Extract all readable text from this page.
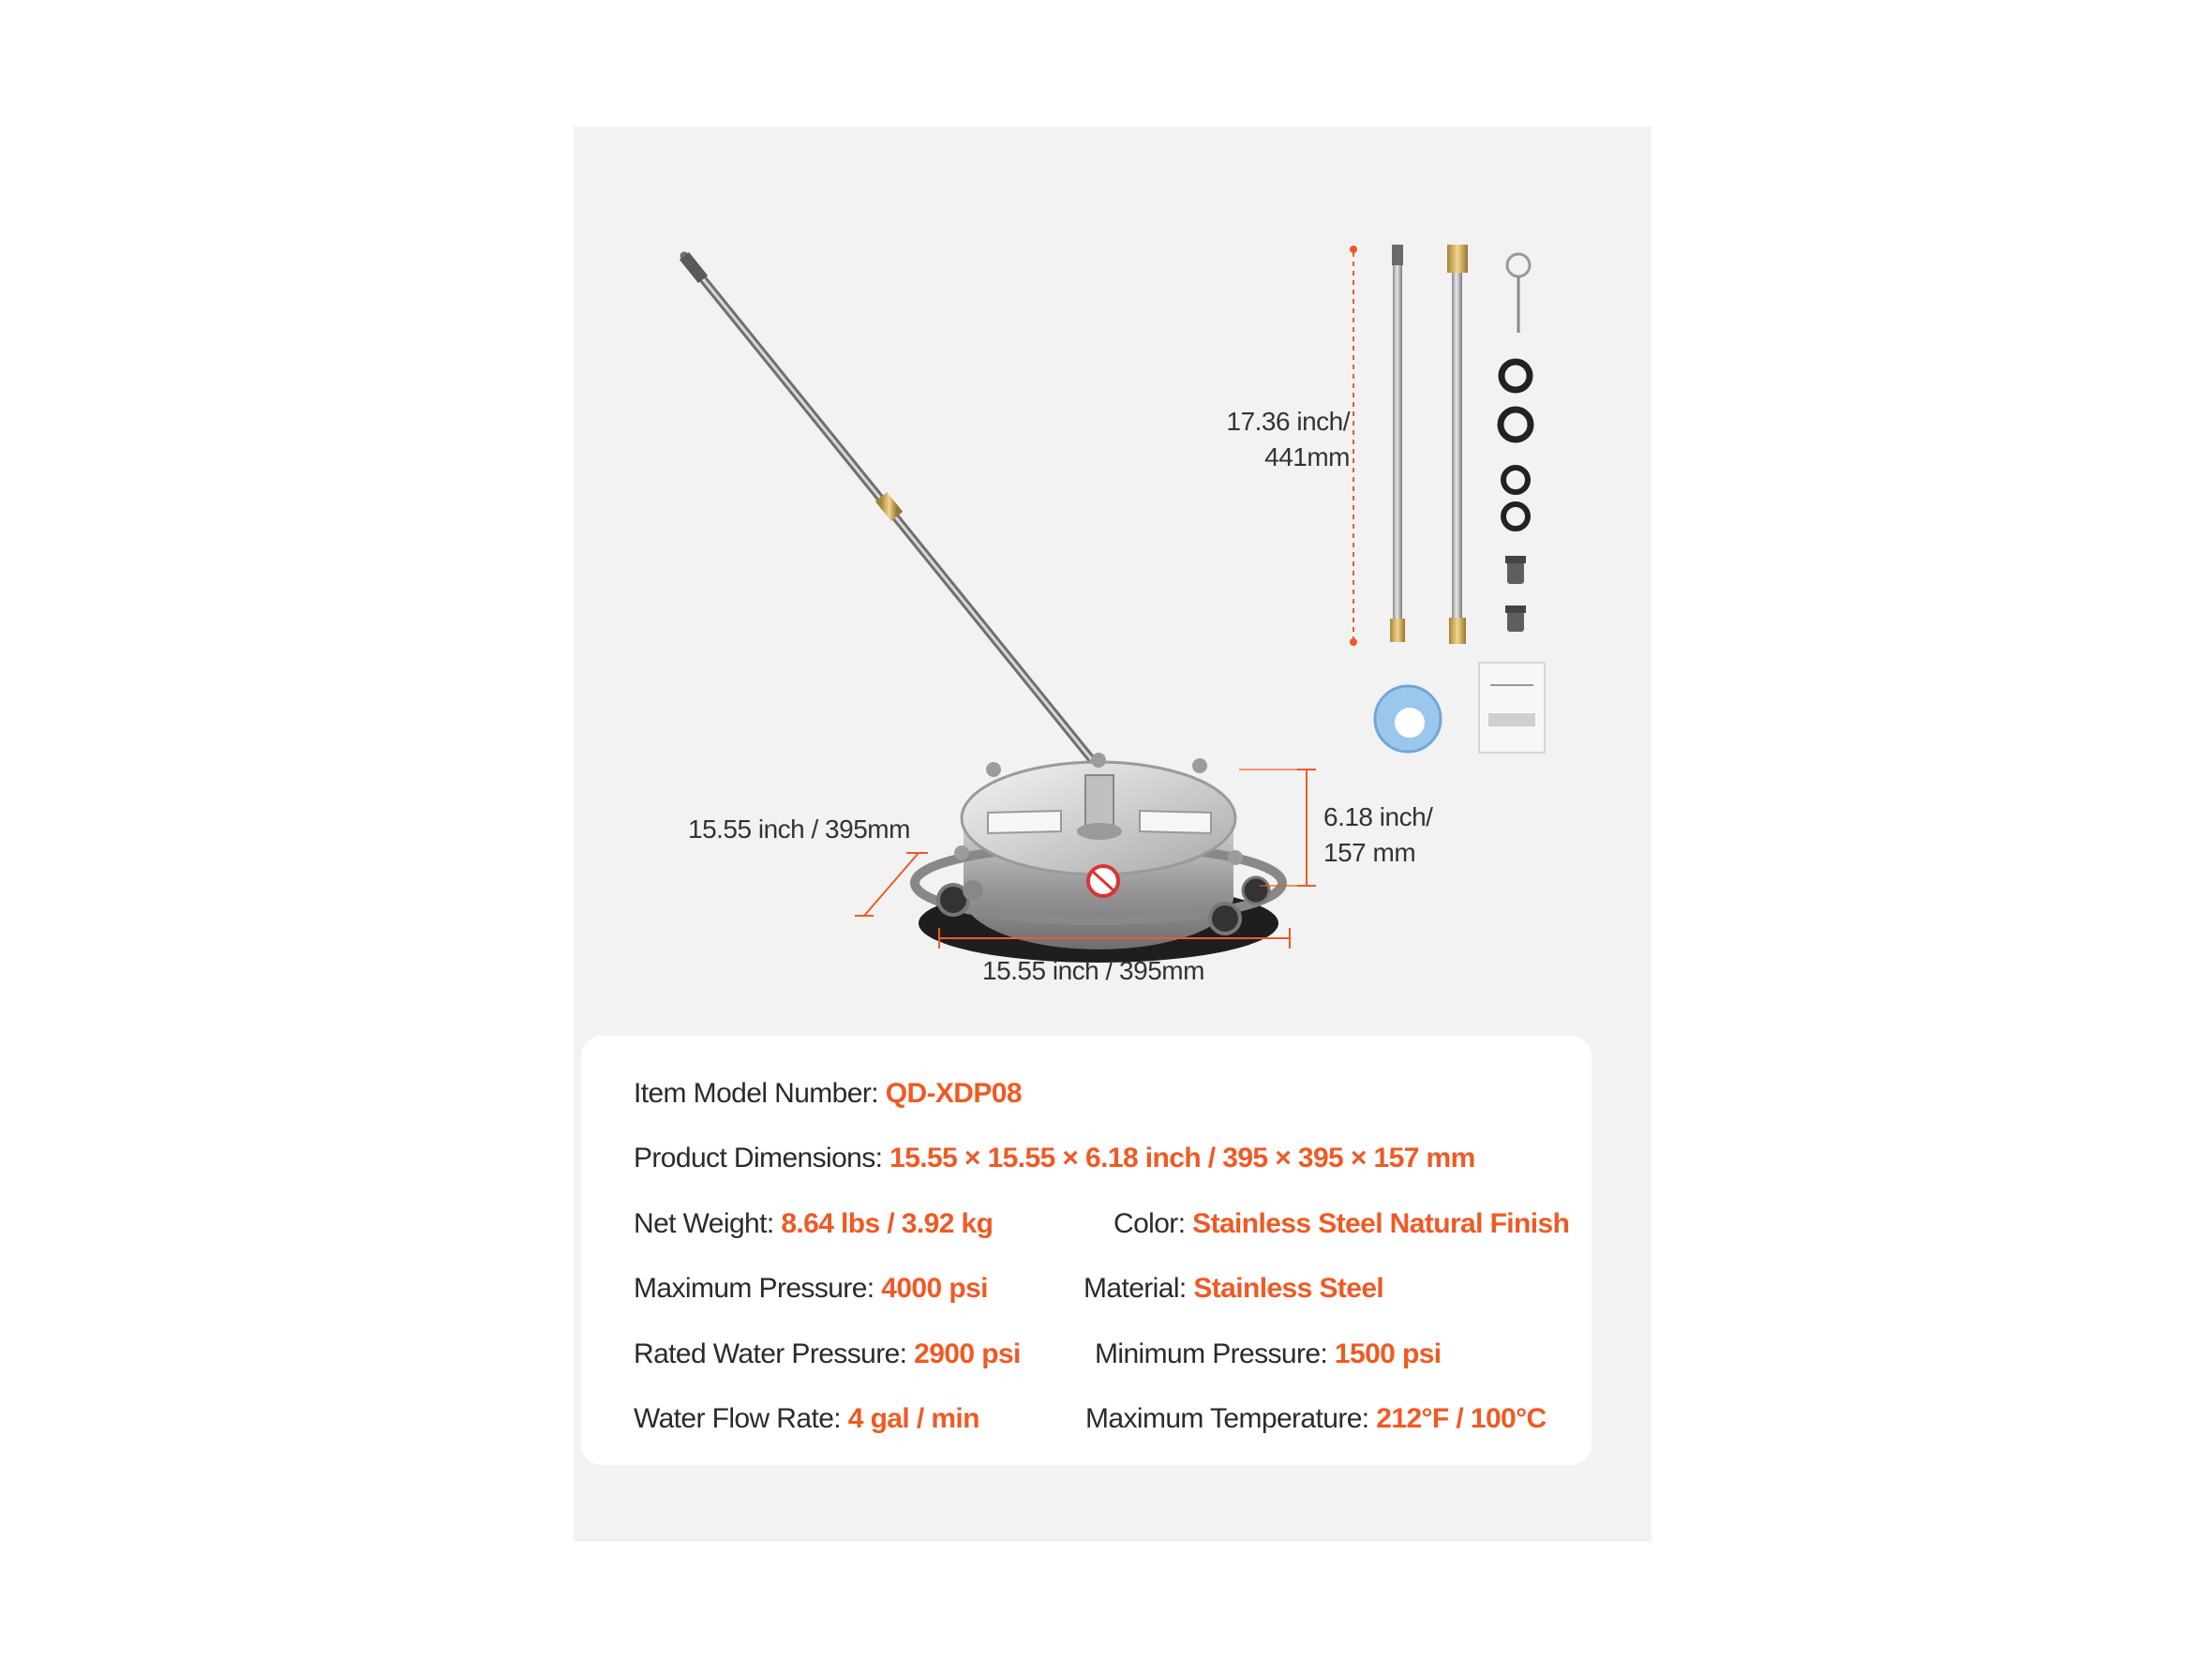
17.36 inch/
441mm
15.55 inch / 395mm	6.18 inch/
157 mm
15.55 inch / 395mm
Item Model Number: QD-XDP08
Product Dimensions: 15.55 × 15.55 × 6.18 inch / 395 × 395 × 157 mm
Net Weight: 8.64 lbs / 3.92 kg	Color: Stainless Steel Natural Finish
Maximum Pressure: 4000 psi	Material: Stainless Steel
Rated Water Pressure: 2900 psi	Minimum Pressure: 1500 psi
Water Flow Rate: 4 gal / min	Maximum Temperature: 212°F / 100°C
